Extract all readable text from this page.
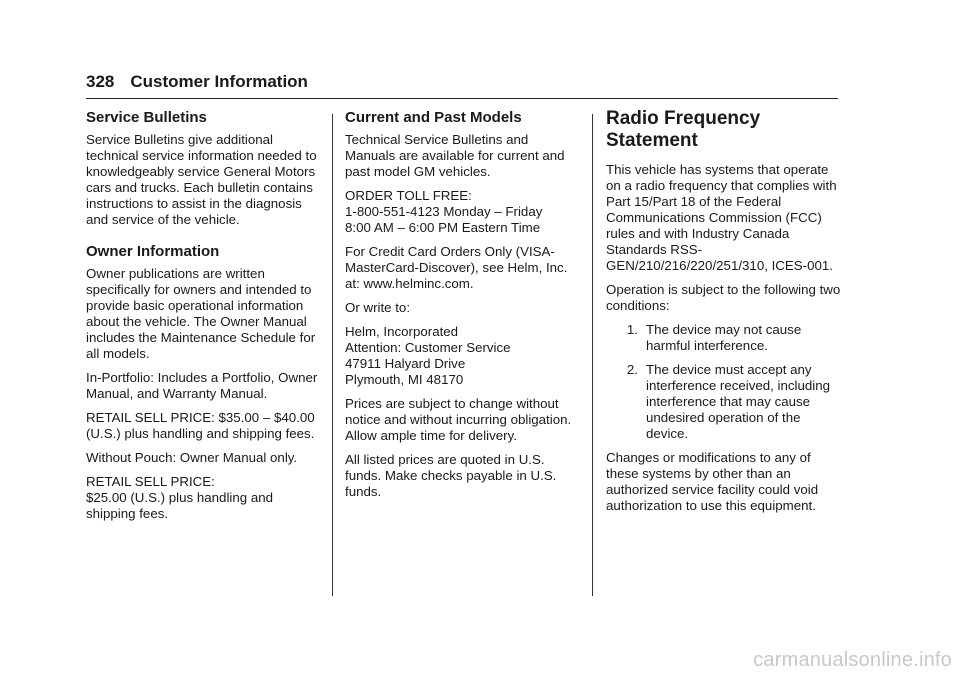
328 Customer Information
Service Bulletins

Service Bulletins give additional technical service information needed to knowledgeably service General Motors cars and trucks. Each bulletin contains instructions to assist in the diagnosis and service of the vehicle.

Owner Information

Owner publications are written specifically for owners and intended to provide basic operational information about the vehicle. The Owner Manual includes the Maintenance Schedule for all models.

In-Portfolio: Includes a Portfolio, Owner Manual, and Warranty Manual.

RETAIL SELL PRICE: $35.00 – $40.00 (U.S.) plus handling and shipping fees.

Without Pouch: Owner Manual only.

RETAIL SELL PRICE:
$25.00 (U.S.) plus handling and shipping fees.

Current and Past Models

Technical Service Bulletins and Manuals are available for current and past model GM vehicles.

ORDER TOLL FREE:
1-800-551-4123 Monday – Friday
8:00 AM – 6:00 PM Eastern Time

For Credit Card Orders Only (VISA-MasterCard-Discover), see Helm, Inc. at: www.helminc.com.

Or write to:

Helm, Incorporated
Attention: Customer Service
47911 Halyard Drive
Plymouth, MI 48170

Prices are subject to change without notice and without incurring obligation. Allow ample time for delivery.

All listed prices are quoted in U.S. funds. Make checks payable in U.S. funds.

Radio Frequency
Statement

This vehicle has systems that operate on a radio frequency that complies with Part 15/Part 18 of the Federal Communications Commission (FCC) rules and with Industry Canada Standards RSS-GEN/210/216/220/251/310, ICES-001.

Operation is subject to the following two conditions:

1. The device may not cause harmful interference.
2. The device must accept any interference received, including interference that may cause undesired operation of the device.

Changes or modifications to any of these systems by other than an authorized service facility could void authorization to use this equipment.

carmanualsonline.info
